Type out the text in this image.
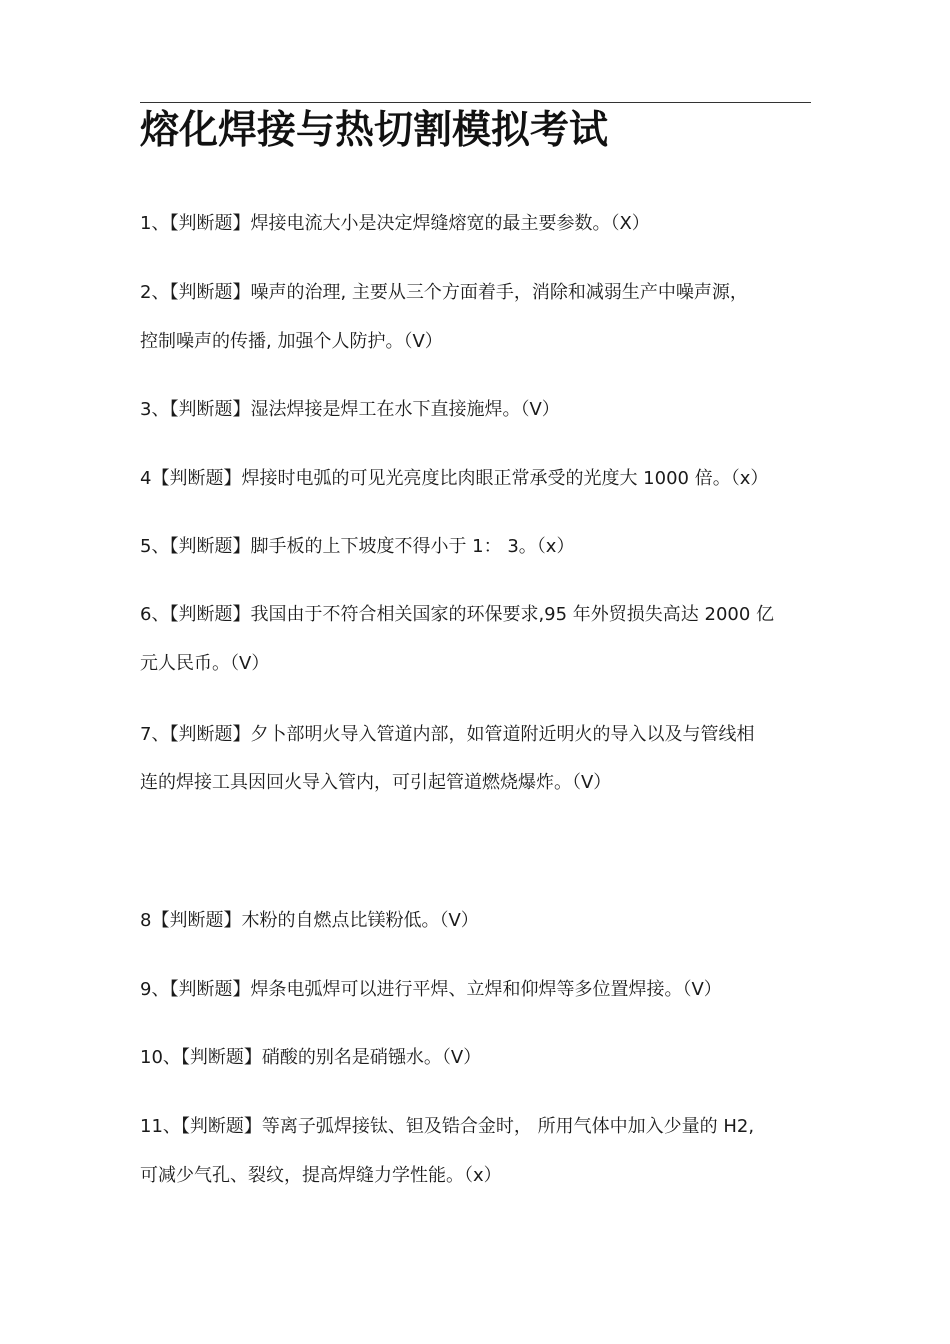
熔化焊接与热切割模拟考试

1、【判断题】焊接电流大小是决定焊缝熔宽的最主要参数。（X）

2、【判断题】噪声的治理, 主要从三个方面着手，消除和减弱生产中噪声源，

控制噪声的传播, 加强个人防护。（V）

3、【判断题】湿法焊接是焊工在水下直接施焊。（V）

4【判断题】焊接时电弧的可见光亮度比肉眼正常承受的光度大 1000 倍。（x）

5、【判断题】脚手板的上下坡度不得小于 1： 3。（x）

6、【判断题】我国由于不符合相关国家的环保要求,95 年外贸损失高达 2000 亿

元人民币。（V）

7、【判断题】夕卜部明火导入管道内部，如管道附近明火的导入以及与管线相

连的焊接工具因回火导入管内，可引起管道燃烧爆炸。（V）

8【判断题】木粉的自燃点比镁粉低。（V）

9、【判断题】焊条电弧焊可以进行平焊、立焊和仰焊等多位置焊接。（V）

10、【判断题】硝酸的别名是硝镪水。（V）

11、【判断题】等离子弧焊接钛、钽及锆合金时， 所用气体中加入少量的 H2,

可减少气孔、裂纹，提高焊缝力学性能。（x）
